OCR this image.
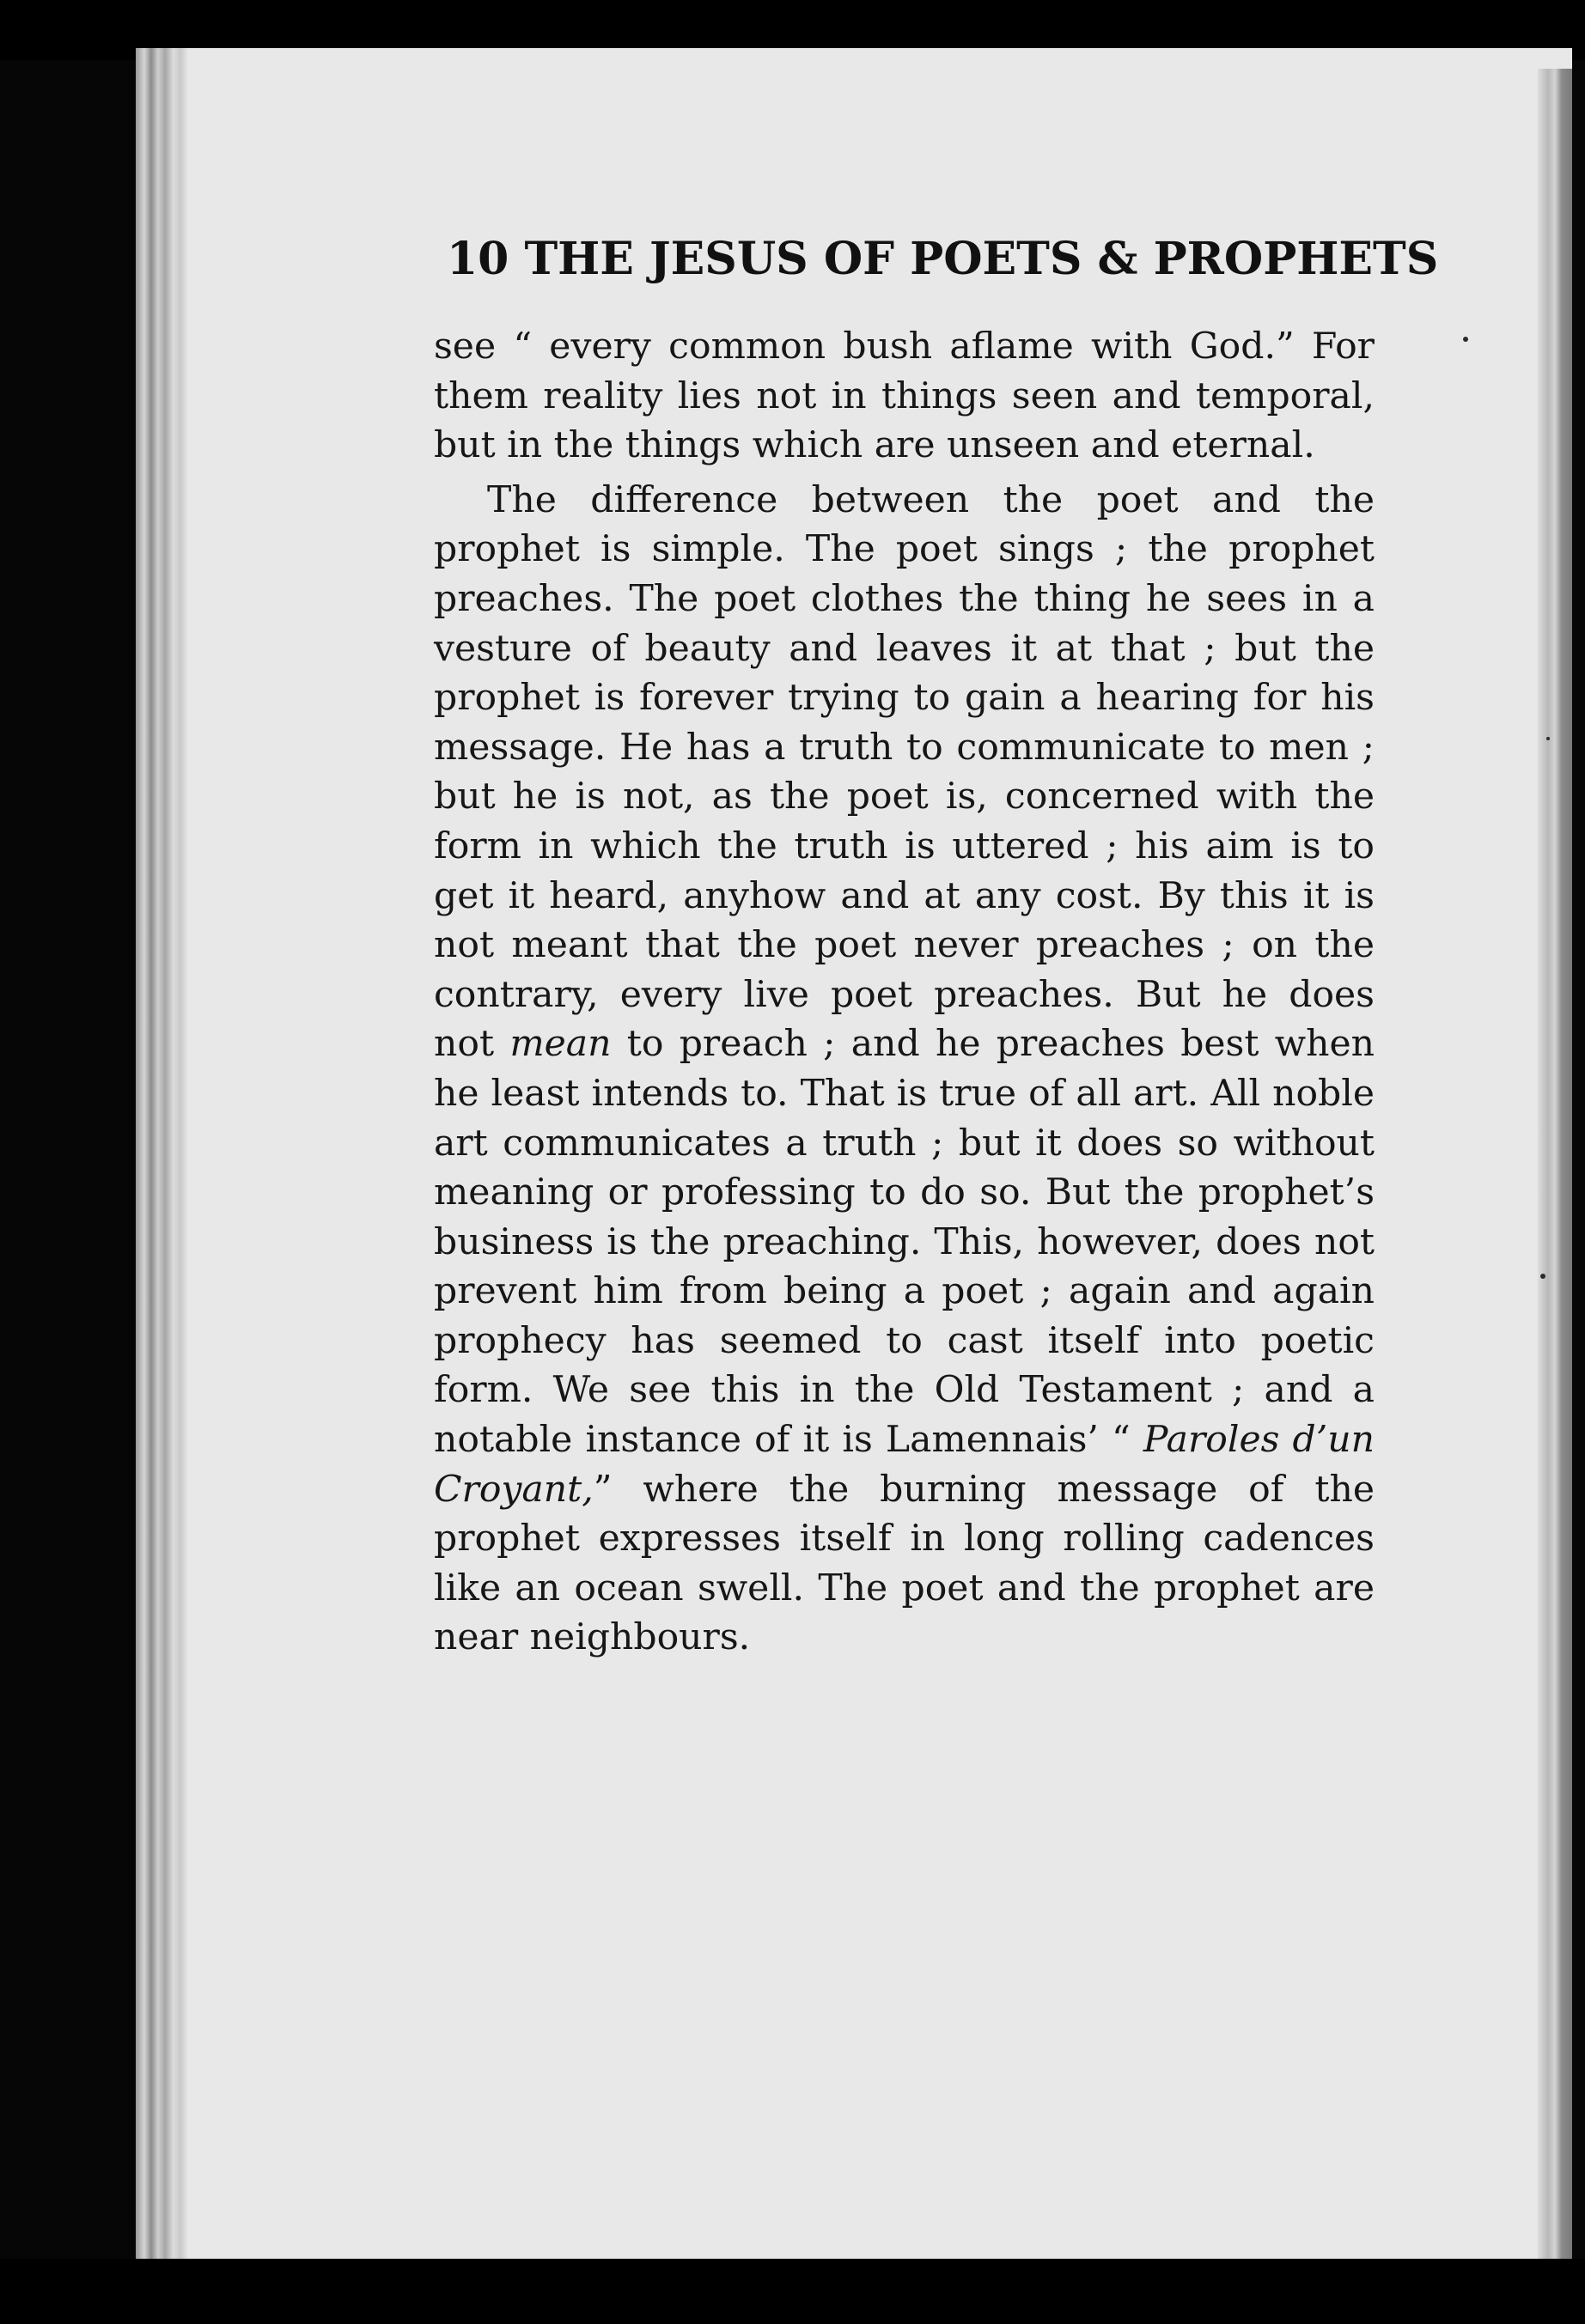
10 THE JESUS OF POETS & PROPHETS

see “ every common bush aflame with God.” For them reality lies not in things seen and temporal, but in the things which are unseen and eternal.

The difference between the poet and the prophet is simple. The poet sings ; the prophet preaches. The poet clothes the thing he sees in a vesture of beauty and leaves it at that ; but the prophet is forever trying to gain a hearing for his message. He has a truth to communicate to men ; but he is not, as the poet is, concerned with the form in which the truth is uttered ; his aim is to get it heard, anyhow and at any cost. By this it is not meant that the poet never preaches ; on the contrary, every live poet preaches. But he does not mean to preach ; and he preaches best when he least intends to. That is true of all art. All noble art communicates a truth ; but it does so without meaning or professing to do so. But the prophet’s business is the preaching. This, however, does not prevent him from being a poet ; again and again prophecy has seemed to cast itself into poetic form. We see this in the Old Testament ; and a notable instance of it is Lamennais’ “ Paroles d’un Croyant,” where the burning message of the prophet expresses itself in long rolling cadences like an ocean swell. The poet and the prophet are near neighbours.
